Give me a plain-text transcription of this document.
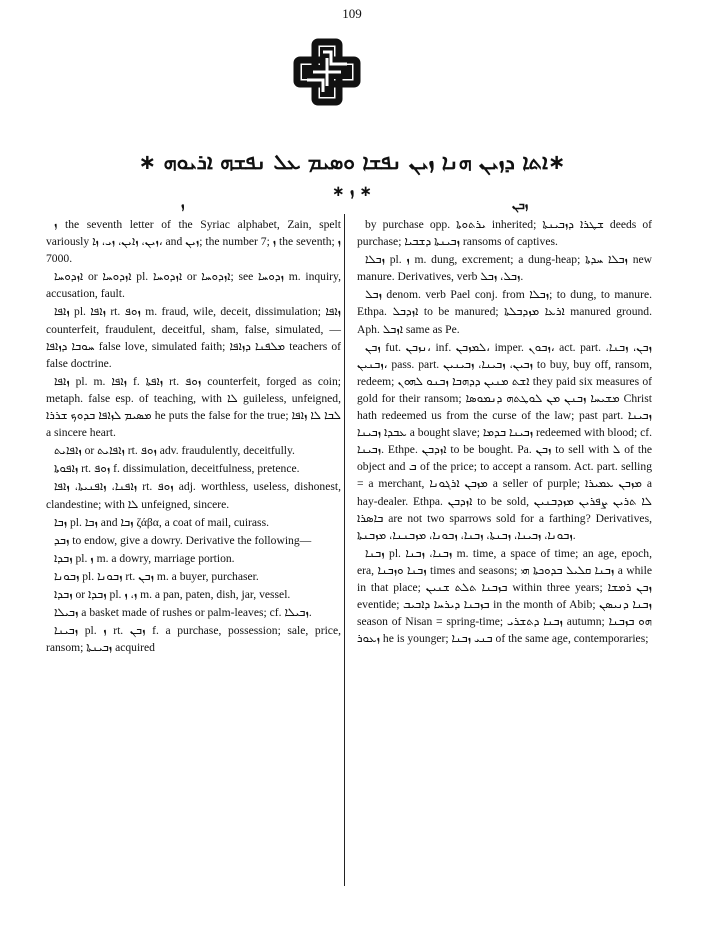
109
∗ܐܬܐ ܕܙܝܢ ܗܢܐ ܙܝܢ ܢܦܫܐ ܘܣܝܡ ܥܠ ܢܦܫܗ ܐܪܝܘܗ ∗
∗ ܙ ∗
ܙ	ܙܒܢ

ܙ the seventh letter of the Syriac alphabet, Zain, spelt variously ܙܝܢ، ܙܐܝܢ، ܙܝ، ܙܐ، and ܙܝܢ; the number 7; ܙ the seventh; ܙ 7000.

ܐܙܕܘܚܐ or ܐܙܕܘܚܐ pl. ܐܙܕܘܚܐ or ܐܙܕܘܚܐ; see ܙܕܘܚܐ m. inquiry, accusation, fault.

ܙܐܦܐ pl. ܙܐܦܐ rt. ܙܘܦ m. fraud, wile, deceit, dissimulation; ܙܐܦܐ counterfeit, fraudulent, deceitful, sham, false, simulated, —ܚܘܒܐ ܕܙܐܦܐ false love, simulated faith; ܡܠܦܢܐ ܕܙܐܦܐ teachers of false doctrine.

ܙܐܦܐ pl. m. ܙܐܦܐ f. ܙܐܦܬܐ rt. ܙܘܦ counterfeit, forged as coin; metaph. false esp. of teaching, with ܠܐ guileless, unfeigned, ܡܣܝܡ ܠܙܐܦܐ ܒܕܘܟ ܫܪܪܐ he puts the false for the true; ܠܒܐ ܠܐ ܙܐܦܐ a sincere heart.

ܙܐܦܐܝܬ or ܙܐܦܐܝܬ rt. ܙܘܦ adv. fraudulently, deceitfully.

ܙܐܦܘܬܐ rt. ܙܘܦ f. dissimulation, deceitfulness, pretence.

ܙܐܦܢܐ، ܙܐܦܢܝܬܐ، ܙܐܦܐ rt. ܙܘܦ adj. worthless, useless, dishonest, clandestine; with ܠܐ unfeigned, sincere.

ܙܒܐ pl. ܙܒܐ and ܙܒܐ ζάβα, a coat of mail, cuirass.

ܙܒܕ to endow, give a dowry. Derivative the following—

ܙܒܕܐ pl. ܙ m. a dowry, marriage portion.

ܙܒܘܢܐ pl. ܙܒܘܢܐ rt. ܙܒܢ m. a buyer, purchaser.

ܙܒܕܐ or ܙܒܕܐ pl. ܙ، ܙ m. a pan, paten, dish, jar, vessel.

ܙܒܝܠܐ a basket made of rushes or palm-leaves; cf. ܙܒܝܠܐ.

ܙܒܝܢܐ pl. ܙ rt. ܙܒܢ f. a purchase, possession; sale, price, ransom; ܙܒܝܢܬܐ acquired

by purchase opp. ܝܪܬܘܬܐ inherited; ܫܛܪܐ ܕܙܒܝܢܬܐ deeds of purchase; ܙܒܝܢܬܐ ܕܫܒܝܐ ransoms of captives.

ܙܒܠܐ pl. ܙ m. dung, excrement; a dung-heap; ܙܒܠܐ ܚܕܬܐ new manure. Derivatives, verb ܙܒܠ، ܙܒܠ.

ܙܒܠ denom. verb Pael conj. from ܙܒܠܐ; to dung, to manure. Ethpa. ܐܙܕܒܠ to be manured; ܐܪܥܐ ܡܙܕܒܠܬܐ manured ground. Aph. ܐܙܒܠ same as Pe.

ܙܒܢ fut. ܢܙܒܢ، inf. ܠܡܙܒܢ، imper. ܙܒܘܢ، act. part. ܙܒܢ، ܙܒܢܐ، ܙܒܢܝܢ، pass. part. ܙܒܝܢ، ܙܒܝܢܐ، ܙܒܝܢܝܢ to buy, buy off, ransom, redeem; ܐܫܬ ܡܢܝܢ ܕܕܗܒܐ ܙܒܢܘ ܠܗܘܢ they paid six measures of gold for their ransom; ܡܫܝܚܐ ܙܒܢܢ ܡܢ ܠܘܛܬܗ ܕܢܡܘܣܐ Christ hath redeemed us from the curse of the law; past part. ܙܒܝܢܐ ܥܒܕܐ ܙܒܝܢܐ a bought slave; ܙܒܝܢܐ ܒܕܡܐ redeemed with blood; cf. ܙܒܝܢܐ. Ethpe. ܐܙܕܒܢ to be bought. Pa. ܙܒܢ to sell with ܠ of the object and ܒ of the price; to accept a ransom. Act. part. selling = a merchant, ܡܙܒܢ ܐܪܓܘܢܐ a seller of purple; ܡܙܒܢ ܥܡܝܪܐ a hay-dealer. Ethpa. ܐܙܕܒܢ to be sold, ܠܐ ܬܪܝܢ ܨܦܪܝܢ ܡܙܕܒܢܝܢ ܒܐܣܪܐ are not two sparrows sold for a farthing? Derivatives, ܙܒܘܢܐ، ܙܒܝܢܐ، ܙܒܢܬܐ، ܙܒܢܐ، ܙܒܘܢܐ، ܡܙܒܢܢܐ، ܡܙܒܢܬܐ.

ܙܒܢܐ pl. ܙܒܢܐ، ܙܒܢܐ m. time, a space of time; an age, epoch, era, ܙܒܢܐ ܘܙܒܢܐ times and seasons; ܙܒܢܐ ܩܠܝܠ ܒܕܘܟܬܐ ܗܝ a while in that place; ܒܙܒܢܐ ܬܠܬ ܫܢܝܢ within three years; ܙܒܢ ܪܡܫܐ eventide; ܒܙܒܢܐ ܕܝܪܚܐ ܕܐܒܝܒ in the month of Abib; ܙܒܢܐ ܕܢܝܣܢ season of Nisan = spring-time; ܙܒܢܐ ܕܬܫܪܝ autumn; ܗܘ ܒܙܒܢܐ ܙܥܘܪ he is younger; ܒܢܝ ܙܒܢܐ of the same age, contemporaries;
